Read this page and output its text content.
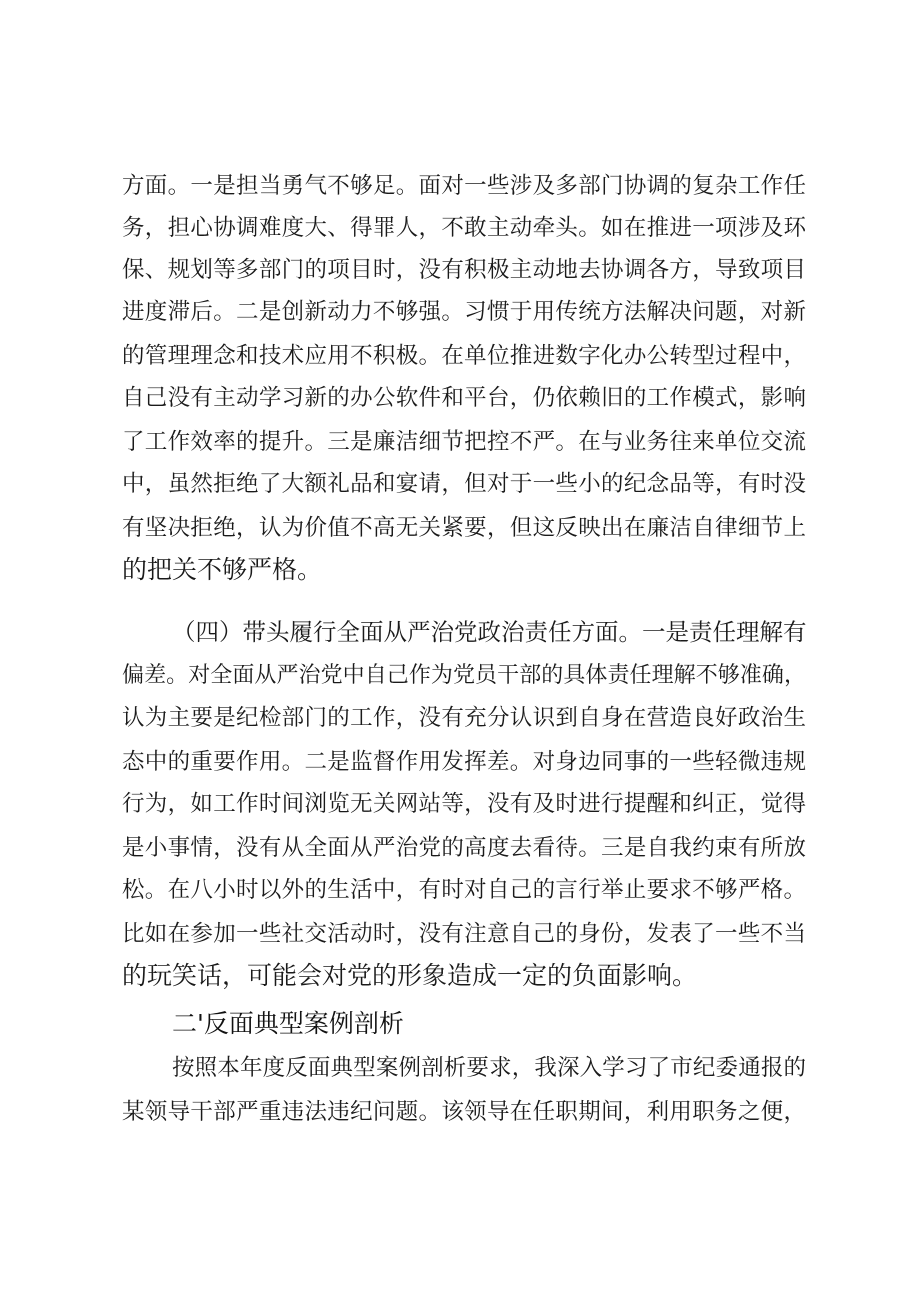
方面。一是担当勇气不够足。面对一些涉及多部门协调的复杂工作任
务，担心协调难度大、得罪人，不敢主动牵头。如在推进一项涉及环
保、规划等多部门的项目时，没有积极主动地去协调各方，导致项目
进度滞后。二是创新动力不够强。习惯于用传统方法解决问题，对新
的管理理念和技术应用不积极。在单位推进数字化办公转型过程中，
自己没有主动学习新的办公软件和平台，仍依赖旧的工作模式，影响
了工作效率的提升。三是廉洁细节把控不严。在与业务往来单位交流
中，虽然拒绝了大额礼品和宴请，但对于一些小的纪念品等，有时没
有坚决拒绝，认为价值不高无关紧要，但这反映出在廉洁自律细节上
的把关不够严格。
（四）带头履行全面从严治党政治责任方面。一是责任理解有
偏差。对全面从严治党中自己作为党员干部的具体责任理解不够准确，
认为主要是纪检部门的工作，没有充分认识到自身在营造良好政治生
态中的重要作用。二是监督作用发挥差。对身边同事的一些轻微违规
行为，如工作时间浏览无关网站等，没有及时进行提醒和纠正，觉得
是小事情，没有从全面从严治党的高度去看待。三是自我约束有所放
松。在八小时以外的生活中，有时对自己的言行举止要求不够严格。
比如在参加一些社交活动时，没有注意自己的身份，发表了一些不当
的玩笑话，可能会对党的形象造成一定的负面影响。
二'反面典型案例剖析
按照本年度反面典型案例剖析要求，我深入学习了市纪委通报的
某领导干部严重违法违纪问题。该领导在任职期间，利用职务之便，
